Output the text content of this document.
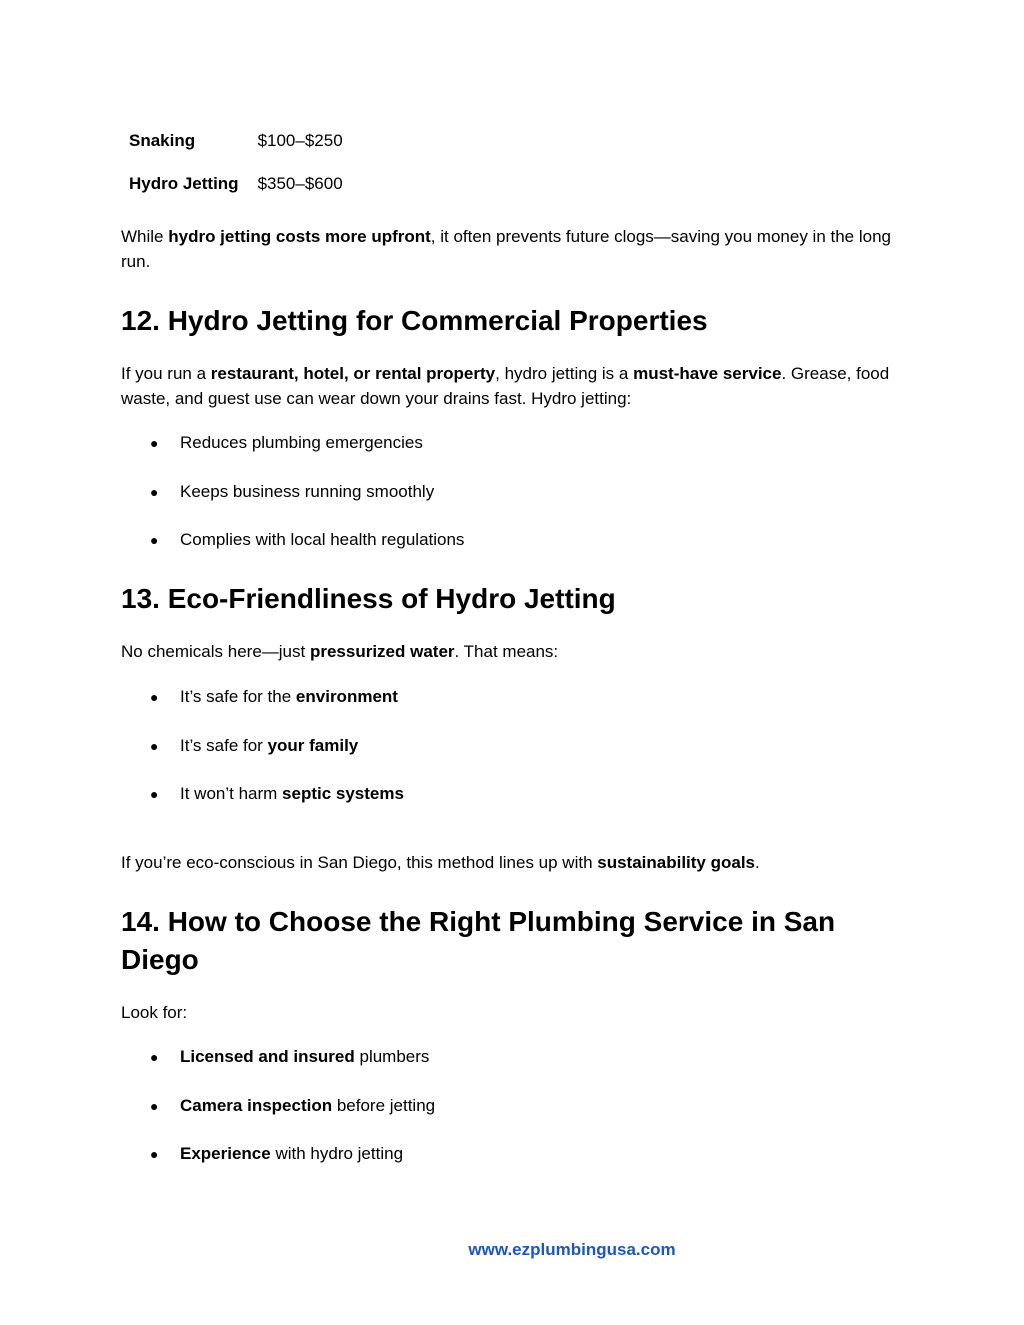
Snaking	$100–$250
Hydro Jetting	$350–$600

While hydro jetting costs more upfront, it often prevents future clogs—saving you money in the long run.

12. Hydro Jetting for Commercial Properties

If you run a restaurant, hotel, or rental property, hydro jetting is a must-have service. Grease, food waste, and guest use can wear down your drains fast. Hydro jetting:

● Reduces plumbing emergencies

● Keeps business running smoothly

● Complies with local health regulations

13. Eco-Friendliness of Hydro Jetting

No chemicals here—just pressurized water. That means:

● It’s safe for the environment

● It’s safe for your family

● It won’t harm septic systems

If you’re eco-conscious in San Diego, this method lines up with sustainability goals.

14. How to Choose the Right Plumbing Service in San Diego

Look for:

● Licensed and insured plumbers

● Camera inspection before jetting

● Experience with hydro jetting

www.ezplumbingusa.com
